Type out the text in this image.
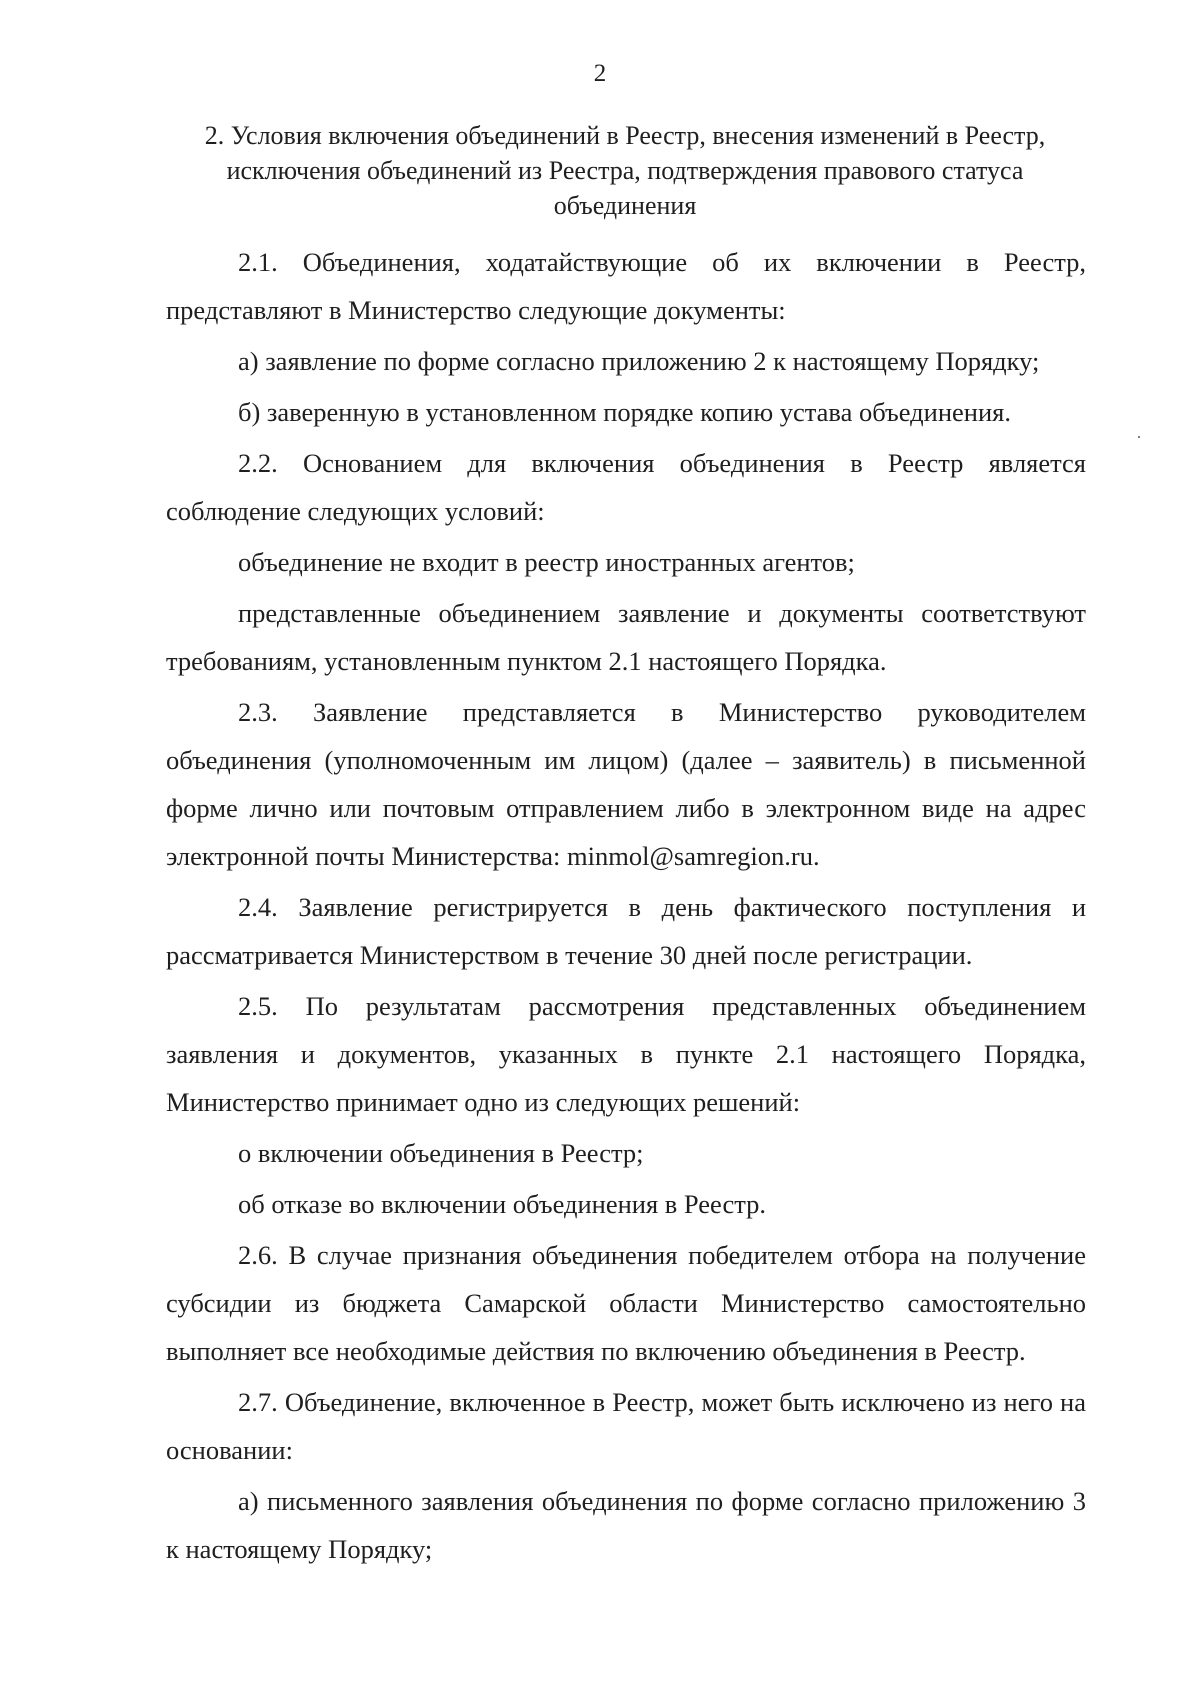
2
2. Условия включения объединений в Реестр, внесения изменений в Реестр, исключения объединений из Реестра, подтверждения правового статуса объединения

2.1. Объединения, ходатайствующие об их включении в Реестр, представляют в Министерство следующие документы:

а) заявление по форме согласно приложению 2 к настоящему Порядку;

б) заверенную в установленном порядке копию устава объединения.

2.2. Основанием для включения объединения в Реестр является соблюдение следующих условий:

объединение не входит в реестр иностранных агентов;

представленные объединением заявление и документы соответствуют требованиям, установленным пунктом 2.1 настоящего Порядка.

2.3. Заявление представляется в Министерство руководителем объединения (уполномоченным им лицом) (далее – заявитель) в письменной форме лично или почтовым отправлением либо в электронном виде на адрес электронной почты Министерства: minmol@samregion.ru.

2.4. Заявление регистрируется в день фактического поступления и рассматривается Министерством в течение 30 дней после регистрации.

2.5. По результатам рассмотрения представленных объединением заявления и документов, указанных в пункте 2.1 настоящего Порядка, Министерство принимает одно из следующих решений:

о включении объединения в Реестр;

об отказе во включении объединения в Реестр.

2.6. В случае признания объединения победителем отбора на получение субсидии из бюджета Самарской области Министерство самостоятельно выполняет все необходимые действия по включению объединения в Реестр.

2.7. Объединение, включенное в Реестр, может быть исключено из него на основании:

а) письменного заявления объединения по форме согласно приложению 3 к настоящему Порядку;
